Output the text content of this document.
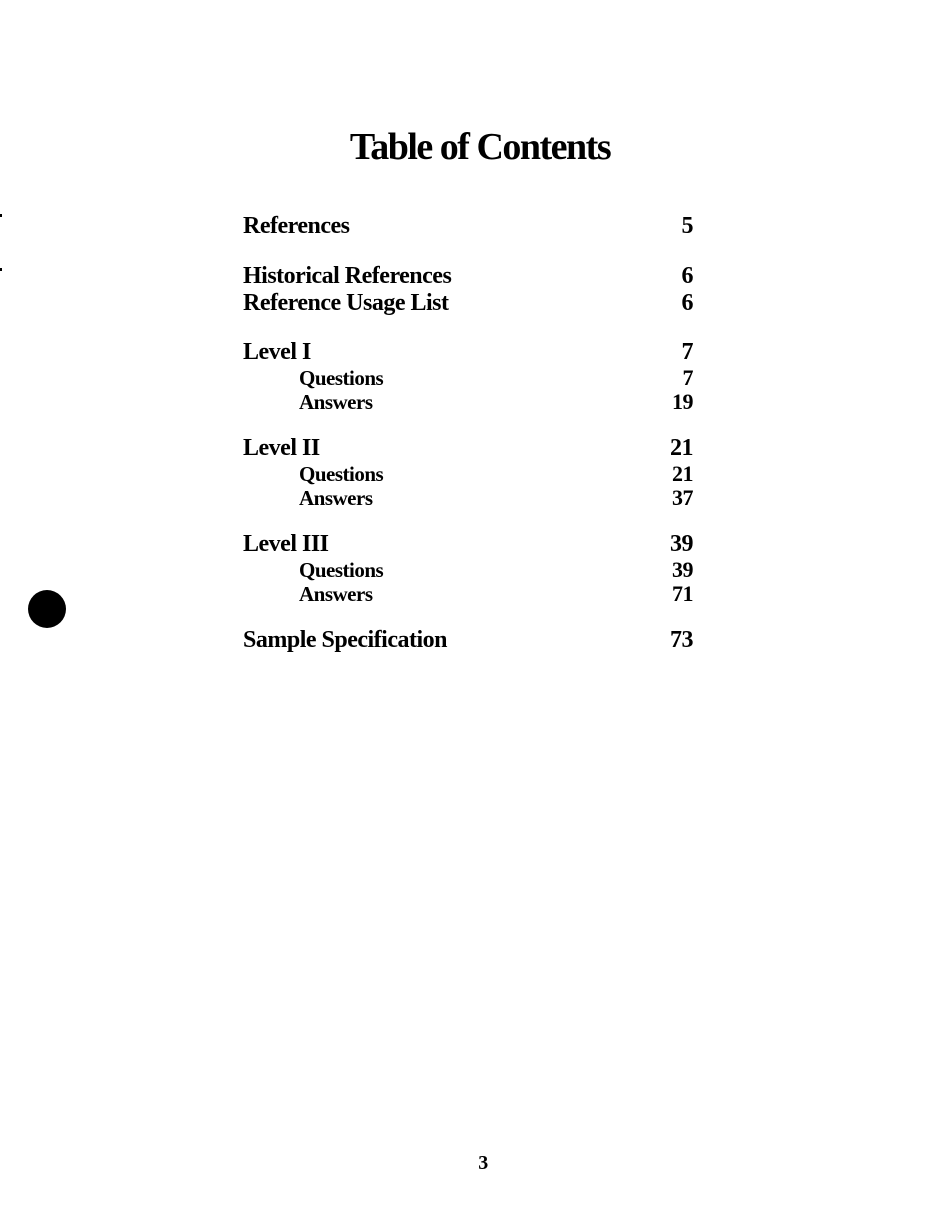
Table of Contents
References	5
Historical References	6
Reference Usage List	6
Level I	7
Questions	7
Answers	19
Level II	21
Questions	21
Answers	37
Level III	39
Questions	39
Answers	71
Sample Specification	73
3
